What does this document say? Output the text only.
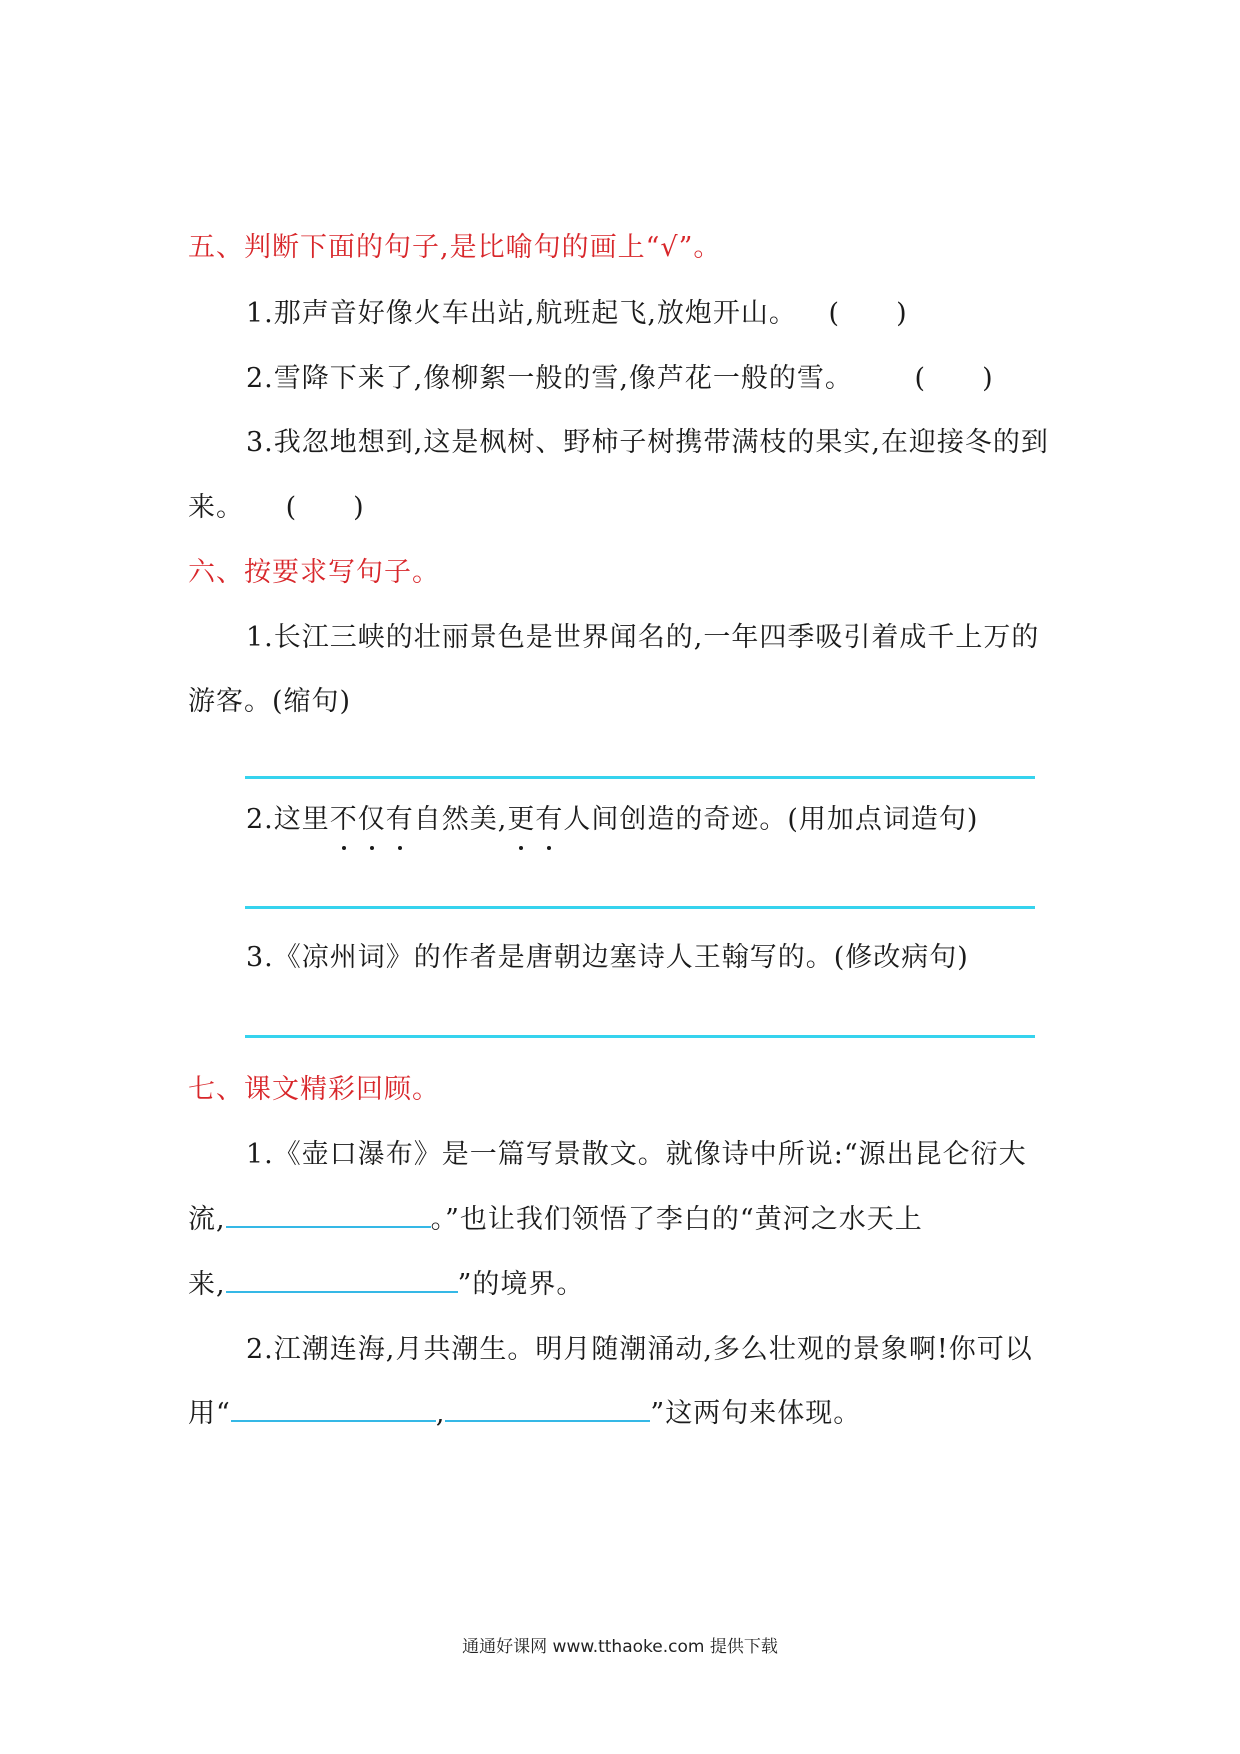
五、判断下面的句子,是比喻句的画上“√”。
1.那声音好像火车出站,航班起飞,放炮开山。 (　　)
2.雪降下来了,像柳絮一般的雪,像芦花一般的雪。 (　　)
3.我忽地想到,这是枫树、野柿子树携带满枝的果实,在迎接冬的到
来。 (　　)
六、按要求写句子。
1.长江三峡的壮丽景色是世界闻名的,一年四季吸引着成千上万的
游客。(缩句)
2.这里不仅有自然美,更有人间创造的奇迹。(用加点词造句)
3.《凉州词》的作者是唐朝边塞诗人王翰写的。(修改病句)
七、课文精彩回顾。
1.《壶口瀑布》是一篇写景散文。就像诗中所说:“源出昆仑衍大
流,	。”也让我们领悟了李白的“黄河之水天上
来,	”的境界。
2.江潮连海,月共潮生。明月随潮涌动,多么壮观的景象啊!你可以
用“	,	”这两句来体现。
通通好课网 www.tthaoke.com 提供下载
